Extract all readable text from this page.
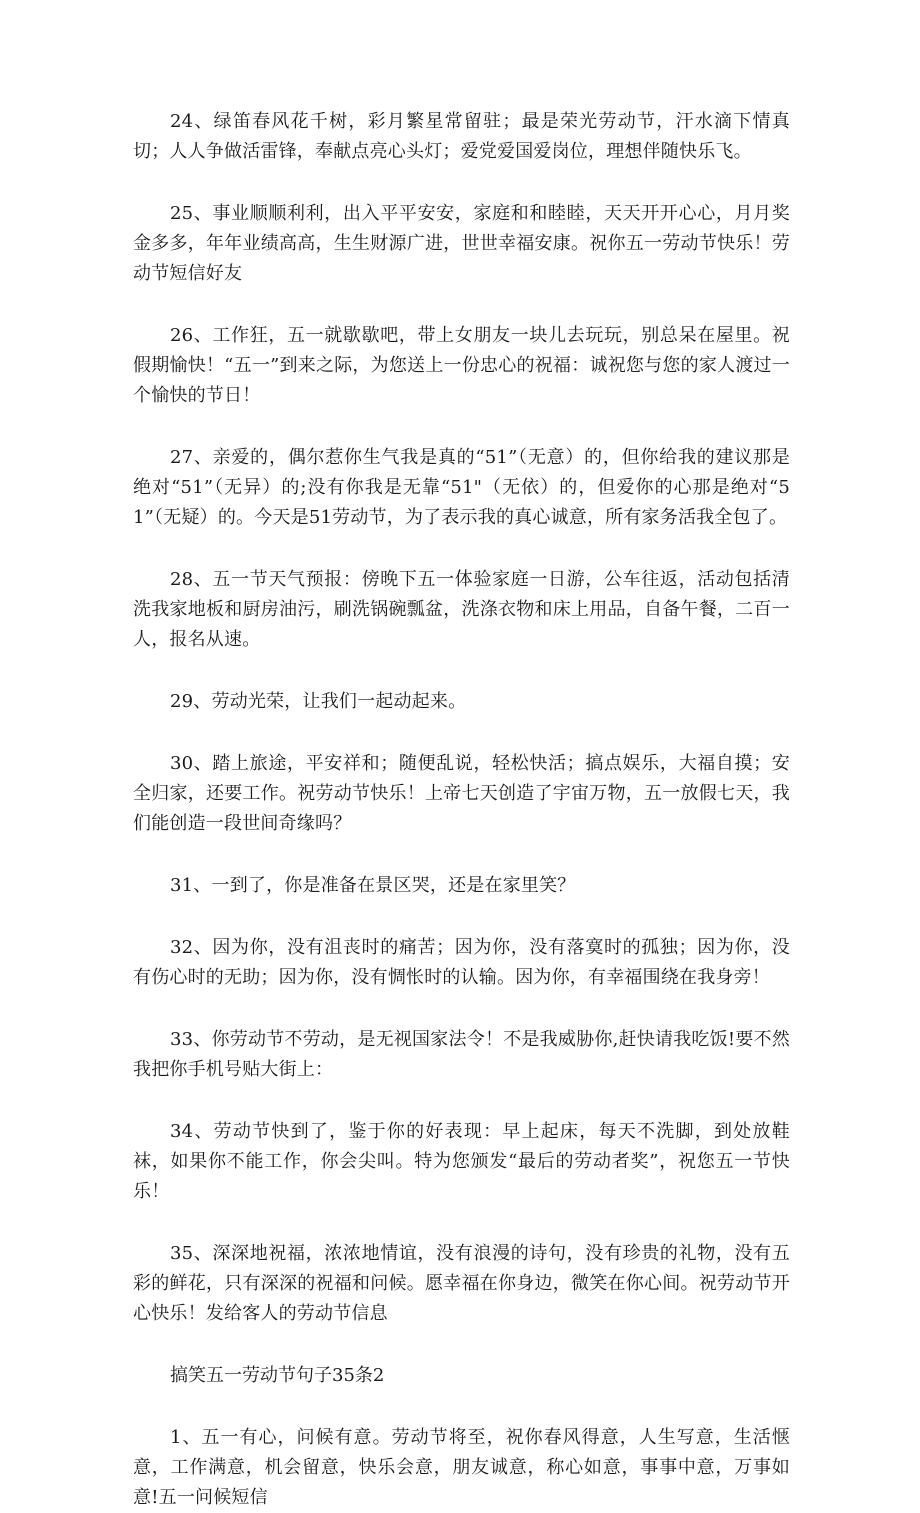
24、绿笛春风花千树，彩月繁星常留驻；最是荣光劳动节，汗水滴下情真切；人人争做活雷锋，奉献点亮心头灯；爱党爱国爱岗位，理想伴随快乐飞。

25、事业顺顺利利，出入平平安安，家庭和和睦睦，天天开开心心，月月奖金多多，年年业绩高高，生生财源广进，世世幸福安康。祝你五一劳动节快乐！劳动节短信好友

26、工作狂，五一就歇歇吧，带上女朋友一块儿去玩玩，别总呆在屋里。祝假期愉快！“五一”到来之际，为您送上一份忠心的祝福：诚祝您与您的家人渡过一个愉快的节日！

27、亲爱的，偶尔惹你生气我是真的“51”（无意）的，但你给我的建议那是绝对“51”（无异）的;没有你我是无靠“51"（无依）的，但爱你的心那是绝对“51”（无疑）的。今天是51劳动节，为了表示我的真心诚意，所有家务活我全包了。

28、五一节天气预报：傍晚下五一体验家庭一日游，公车往返，活动包括清洗我家地板和厨房油污，刷洗锅碗瓢盆，洗涤衣物和床上用品，自备午餐，二百一人，报名从速。

29、劳动光荣，让我们一起动起来。

30、踏上旅途，平安祥和；随便乱说，轻松快活；搞点娱乐，大福自摸；安全归家，还要工作。祝劳动节快乐！上帝七天创造了宇宙万物，五一放假七天，我们能创造一段世间奇缘吗？

31、一到了，你是准备在景区哭，还是在家里笑？

32、因为你，没有沮丧时的痛苦；因为你，没有落寞时的孤独；因为你，没有伤心时的无助；因为你，没有惆怅时的认输。因为你，有幸福围绕在我身旁！

33、你劳动节不劳动，是无视国家法令！不是我威胁你,赶快请我吃饭!要不然我把你手机号贴大街上：

34、劳动节快到了，鉴于你的好表现：早上起床，每天不洗脚，到处放鞋袜，如果你不能工作，你会尖叫。特为您颁发“最后的劳动者奖”，祝您五一节快乐！

35、深深地祝福，浓浓地情谊，没有浪漫的诗句，没有珍贵的礼物，没有五彩的鲜花，只有深深的祝福和问候。愿幸福在你身边，微笑在你心间。祝劳动节开心快乐！发给客人的劳动节信息

搞笑五一劳动节句子35条2

1、五一有心，问候有意。劳动节将至，祝你春风得意，人生写意，生活惬意，工作满意，机会留意，快乐会意，朋友诚意，称心如意，事事中意，万事如意!五一问候短信
